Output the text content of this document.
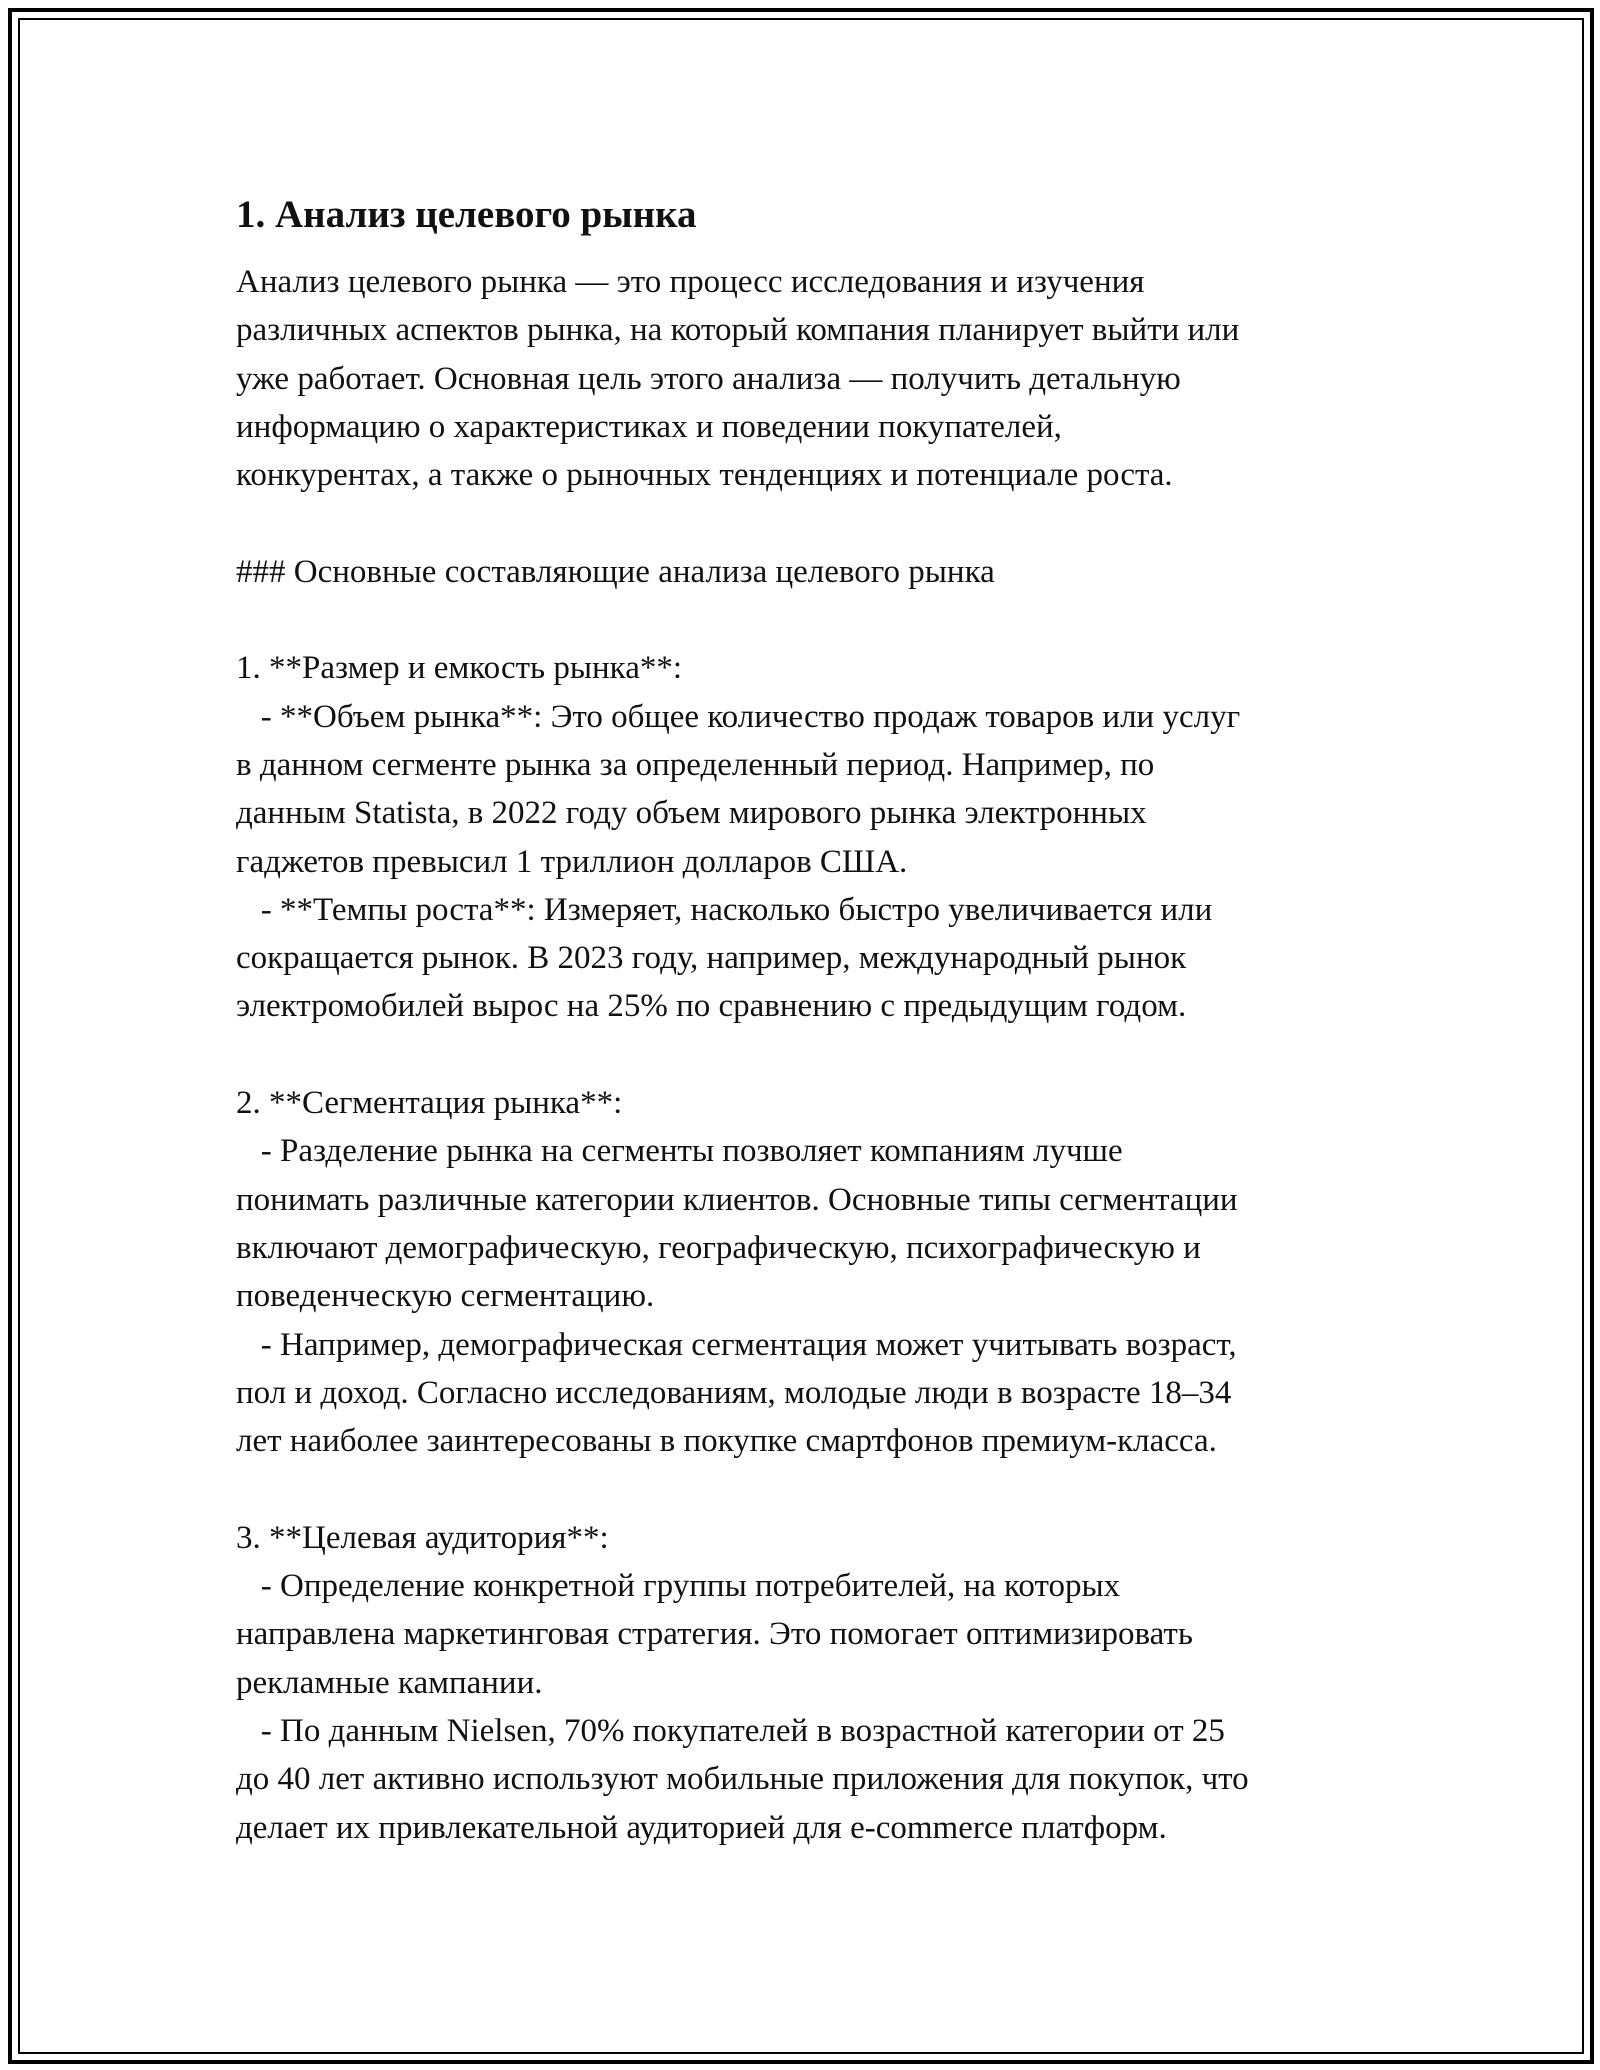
1. Анализ целевого рынка
Анализ целевого рынка — это процесс исследования и изучения
различных аспектов рынка, на который компания планирует выйти или
уже работает. Основная цель этого анализа — получить детальную
информацию о характеристиках и поведении покупателей,
конкурентах, а также о рыночных тенденциях и потенциале роста.
### Основные составляющие анализа целевого рынка
1. **Размер и емкость рынка**:
- **Объем рынка**: Это общее количество продаж товаров или услуг
в данном сегменте рынка за определенный период. Например, по
данным Statista, в 2022 году объем мирового рынка электронных
гаджетов превысил 1 триллион долларов США.
- **Темпы роста**: Измеряет, насколько быстро увеличивается или
сокращается рынок. В 2023 году, например, международный рынок
электромобилей вырос на 25% по сравнению с предыдущим годом.
2. **Сегментация рынка**:
- Разделение рынка на сегменты позволяет компаниям лучше
понимать различные категории клиентов. Основные типы сегментации
включают демографическую, географическую, психографическую и
поведенческую сегментацию.
- Например, демографическая сегментация может учитывать возраст,
пол и доход. Согласно исследованиям, молодые люди в возрасте 18–34
лет наиболее заинтересованы в покупке смартфонов премиум-класса.
3. **Целевая аудитория**:
- Определение конкретной группы потребителей, на которых
направлена маркетинговая стратегия. Это помогает оптимизировать
рекламные кампании.
- По данным Nielsen, 70% покупателей в возрастной категории от 25
до 40 лет активно используют мобильные приложения для покупок, что
делает их привлекательной аудиторией для e-commerce платформ.
